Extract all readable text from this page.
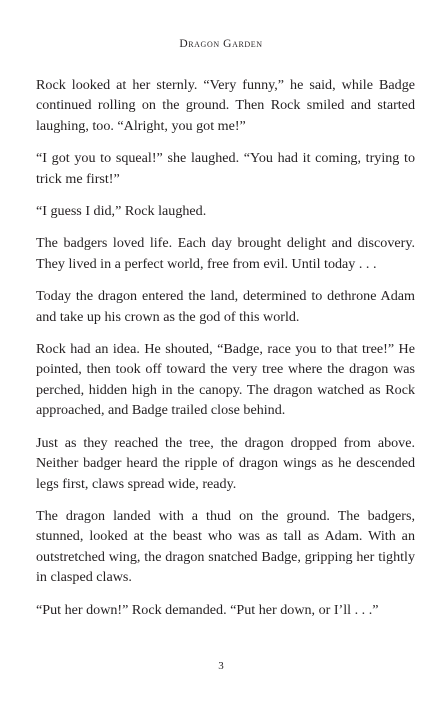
Dragon Garden

Rock looked at her sternly. “Very funny,” he said, while Badge continued rolling on the ground. Then Rock smiled and started laughing, too. “Alright, you got me!”

“I got you to squeal!” she laughed. “You had it coming, trying to trick me first!”

“I guess I did,” Rock laughed.

The badgers loved life. Each day brought delight and discovery. They lived in a perfect world, free from evil. Until today . . .

Today the dragon entered the land, determined to dethrone Adam and take up his crown as the god of this world.

Rock had an idea. He shouted, “Badge, race you to that tree!” He pointed, then took off toward the very tree where the dragon was perched, hidden high in the canopy. The dragon watched as Rock approached, and Badge trailed close behind.

Just as they reached the tree, the dragon dropped from above. Neither badger heard the ripple of dragon wings as he descended legs first, claws spread wide, ready.

The dragon landed with a thud on the ground. The badgers, stunned, looked at the beast who was as tall as Adam. With an outstretched wing, the dragon snatched Badge, gripping her tightly in clasped claws.

“Put her down!” Rock demanded. “Put her down, or I’ll . . .”

3
